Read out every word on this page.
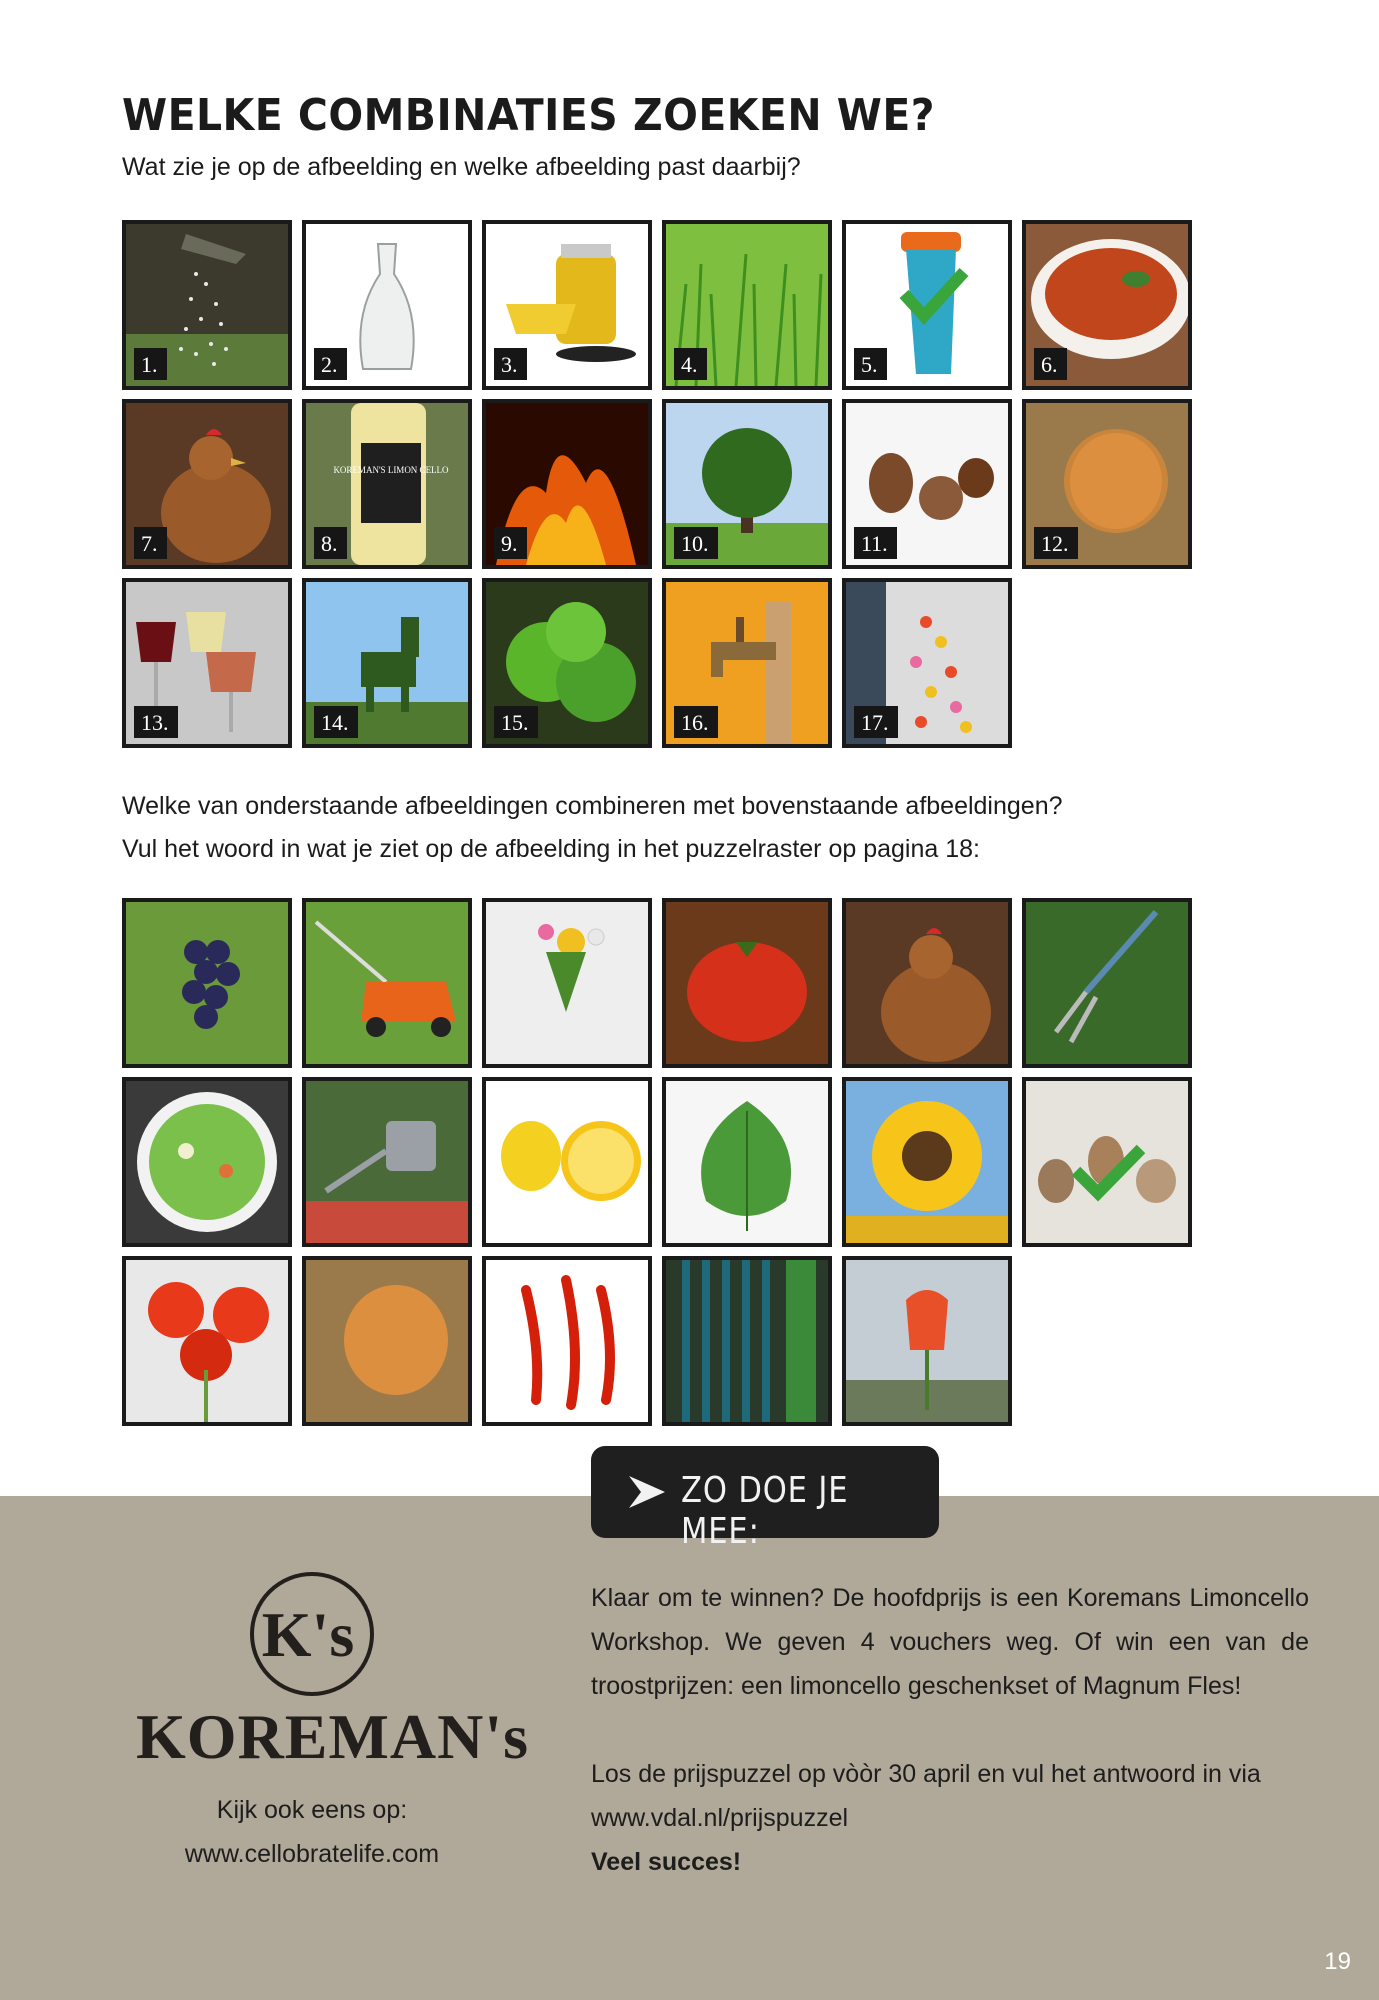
WELKE COMBINATIES ZOEKEN WE?
Wat zie je op de afbeelding en welke afbeelding past daarbij?
1.	2.	3.	4.	5.	6.
7.
KOREMAN'S LIMON CELLO
8.	9.	10.	11.	12.
13.	14.	15.	16.	17.
Welke van onderstaande afbeeldingen combineren met bovenstaande afbeeldingen?
Vul het woord in wat je ziet op de afbeelding in het puzzelraster op pagina 18:
ZO DOE JE MEE:
K's
KOREMAN's
Kijk ook eens op:
www.cellobratelife.com

Klaar om te winnen? De hoofdprijs is een Koremans Limoncello Workshop. We geven 4 vouchers weg. Of win een van de troostprijzen: een limoncello geschenkset of Magnum Fles!

Los de prijspuzzel op vòòr 30 april en vul het antwoord in via

www.vdal.nl/prijspuzzel

Veel succes!

19
